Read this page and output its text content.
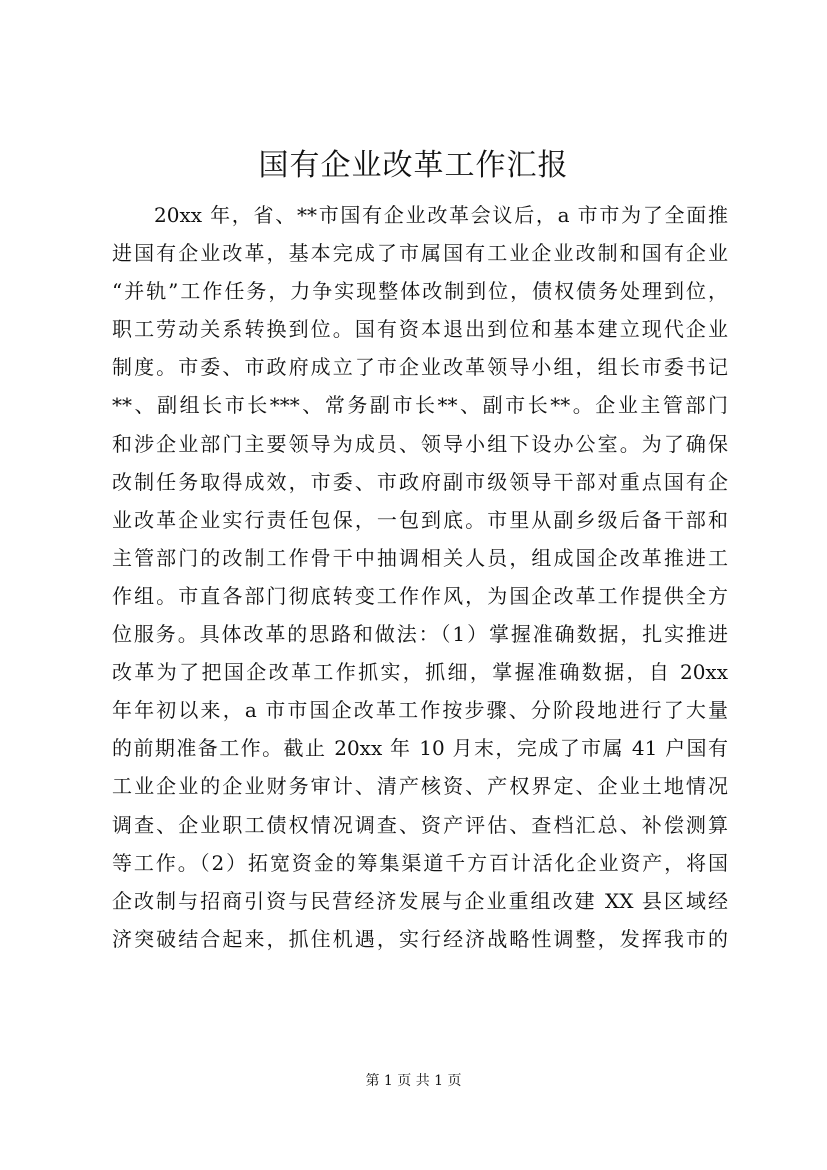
国有企业改革工作汇报
20xx 年，省、**市国有企业改革会议后，a 市市为了全面推
进国有企业改革，基本完成了市属国有工业企业改制和国有企业
“并轨”工作任务，力争实现整体改制到位，债权债务处理到位，
职工劳动关系转换到位。国有资本退出到位和基本建立现代企业
制度。市委、市政府成立了市企业改革领导小组，组长市委书记
**、副组长市长***、常务副市长**、副市长**。企业主管部门
和涉企业部门主要领导为成员、领导小组下设办公室。为了确保
改制任务取得成效，市委、市政府副市级领导干部对重点国有企
业改革企业实行责任包保，一包到底。市里从副乡级后备干部和
主管部门的改制工作骨干中抽调相关人员，组成国企改革推进工
作组。市直各部门彻底转变工作作风，为国企改革工作提供全方
位服务。具体改革的思路和做法：（1）掌握准确数据，扎实推进
改革为了把国企改革工作抓实，抓细，掌握准确数据，自 20xx
年年初以来，a 市市国企改革工作按步骤、分阶段地进行了大量
的前期准备工作。截止 20xx 年 10 月末，完成了市属 41 户国有
工业企业的企业财务审计、清产核资、产权界定、企业土地情况
调查、企业职工债权情况调查、资产评估、查档汇总、补偿测算
等工作。（2）拓宽资金的筹集渠道千方百计活化企业资产，将国
企改制与招商引资与民营经济发展与企业重组改建 XX 县区域经
济突破结合起来，抓住机遇，实行经济战略性调整，发挥我市的
第 1 页 共 1 页
